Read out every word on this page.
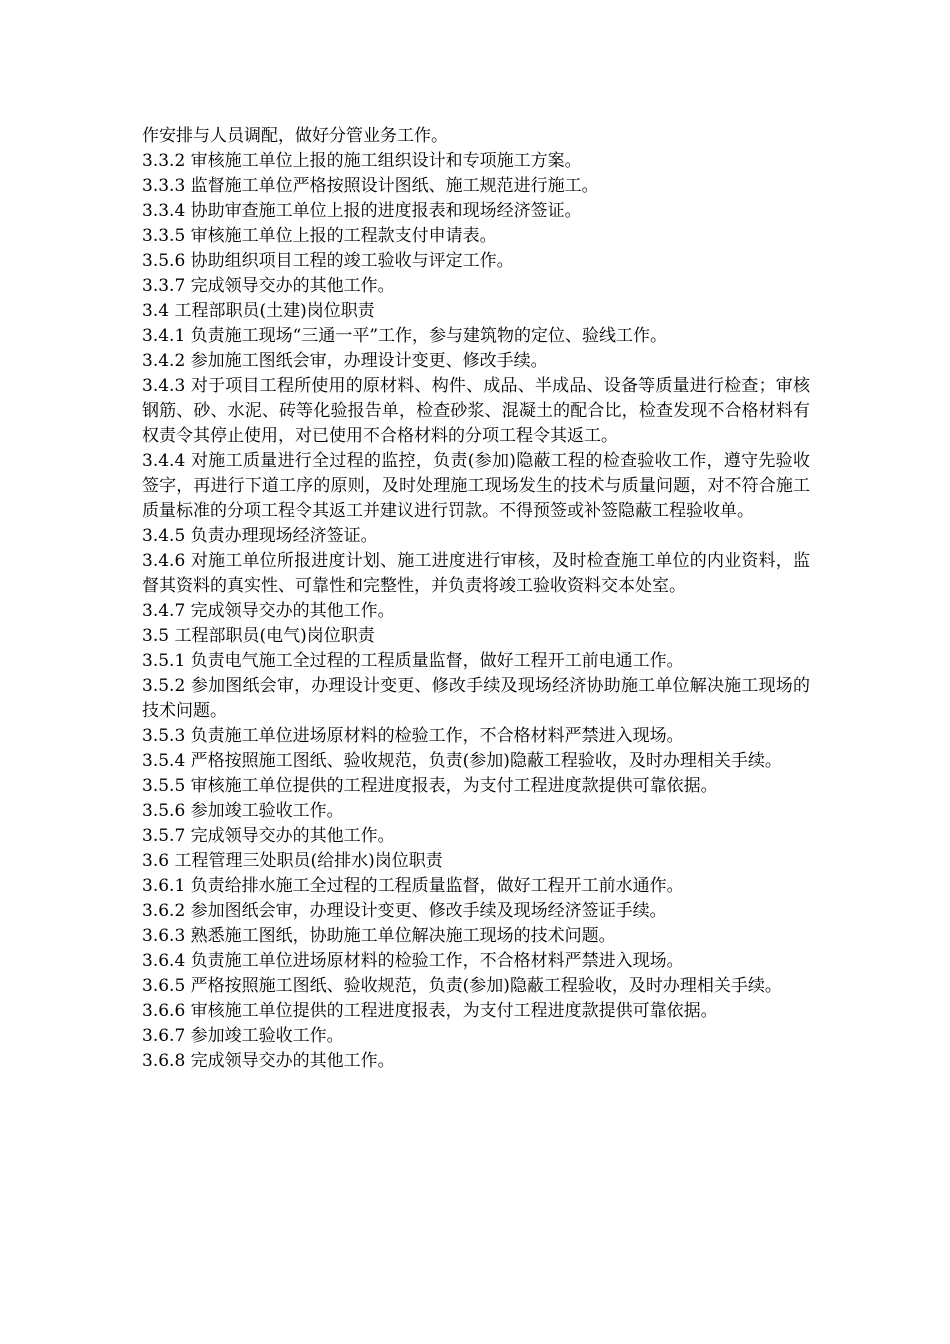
作安排与人员调配，做好分管业务工作。

3.3.2 审核施工单位上报的施工组织设计和专项施工方案。

3.3.3 监督施工单位严格按照设计图纸、施工规范进行施工。

3.3.4 协助审查施工单位上报的进度报表和现场经济签证。

3.3.5 审核施工单位上报的工程款支付申请表。

3.5.6 协助组织项目工程的竣工验收与评定工作。

3.3.7 完成领导交办的其他工作。

3.4 工程部职员(土建)岗位职责

3.4.1 负责施工现场“三通一平”工作，参与建筑物的定位、验线工作。

3.4.2 参加施工图纸会审，办理设计变更、修改手续。

3.4.3 对于项目工程所使用的原材料、构件、成品、半成品、设备等质量进行检查；审核钢筋、砂、水泥、砖等化验报告单，检查砂浆、混凝土的配合比，检查发现不合格材料有权责令其停止使用，对已使用不合格材料的分项工程令其返工。

3.4.4 对施工质量进行全过程的监控，负责(参加)隐蔽工程的检查验收工作，遵守先验收签字，再进行下道工序的原则，及时处理施工现场发生的技术与质量问题，对不符合施工质量标准的分项工程令其返工并建议进行罚款。不得预签或补签隐蔽工程验收单。

3.4.5 负责办理现场经济签证。

3.4.6 对施工单位所报进度计划、施工进度进行审核，及时检查施工单位的内业资料，监督其资料的真实性、可靠性和完整性，并负责将竣工验收资料交本处室。

3.4.7 完成领导交办的其他工作。

3.5 工程部职员(电气)岗位职责

3.5.1 负责电气施工全过程的工程质量监督，做好工程开工前电通工作。

3.5.2 参加图纸会审，办理设计变更、修改手续及现场经济协助施工单位解决施工现场的技术问题。

3.5.3 负责施工单位进场原材料的检验工作，不合格材料严禁进入现场。

3.5.4 严格按照施工图纸、验收规范，负责(参加)隐蔽工程验收，及时办理相关手续。

3.5.5 审核施工单位提供的工程进度报表，为支付工程进度款提供可靠依据。

3.5.6 参加竣工验收工作。

3.5.7 完成领导交办的其他工作。

3.6 工程管理三处职员(给排水)岗位职责

3.6.1 负责给排水施工全过程的工程质量监督，做好工程开工前水通作。

3.6.2 参加图纸会审，办理设计变更、修改手续及现场经济签证手续。

3.6.3 熟悉施工图纸，协助施工单位解决施工现场的技术问题。

3.6.4 负责施工单位进场原材料的检验工作，不合格材料严禁进入现场。

3.6.5 严格按照施工图纸、验收规范，负责(参加)隐蔽工程验收，及时办理相关手续。

3.6.6 审核施工单位提供的工程进度报表，为支付工程进度款提供可靠依据。

3.6.7 参加竣工验收工作。

3.6.8 完成领导交办的其他工作。
